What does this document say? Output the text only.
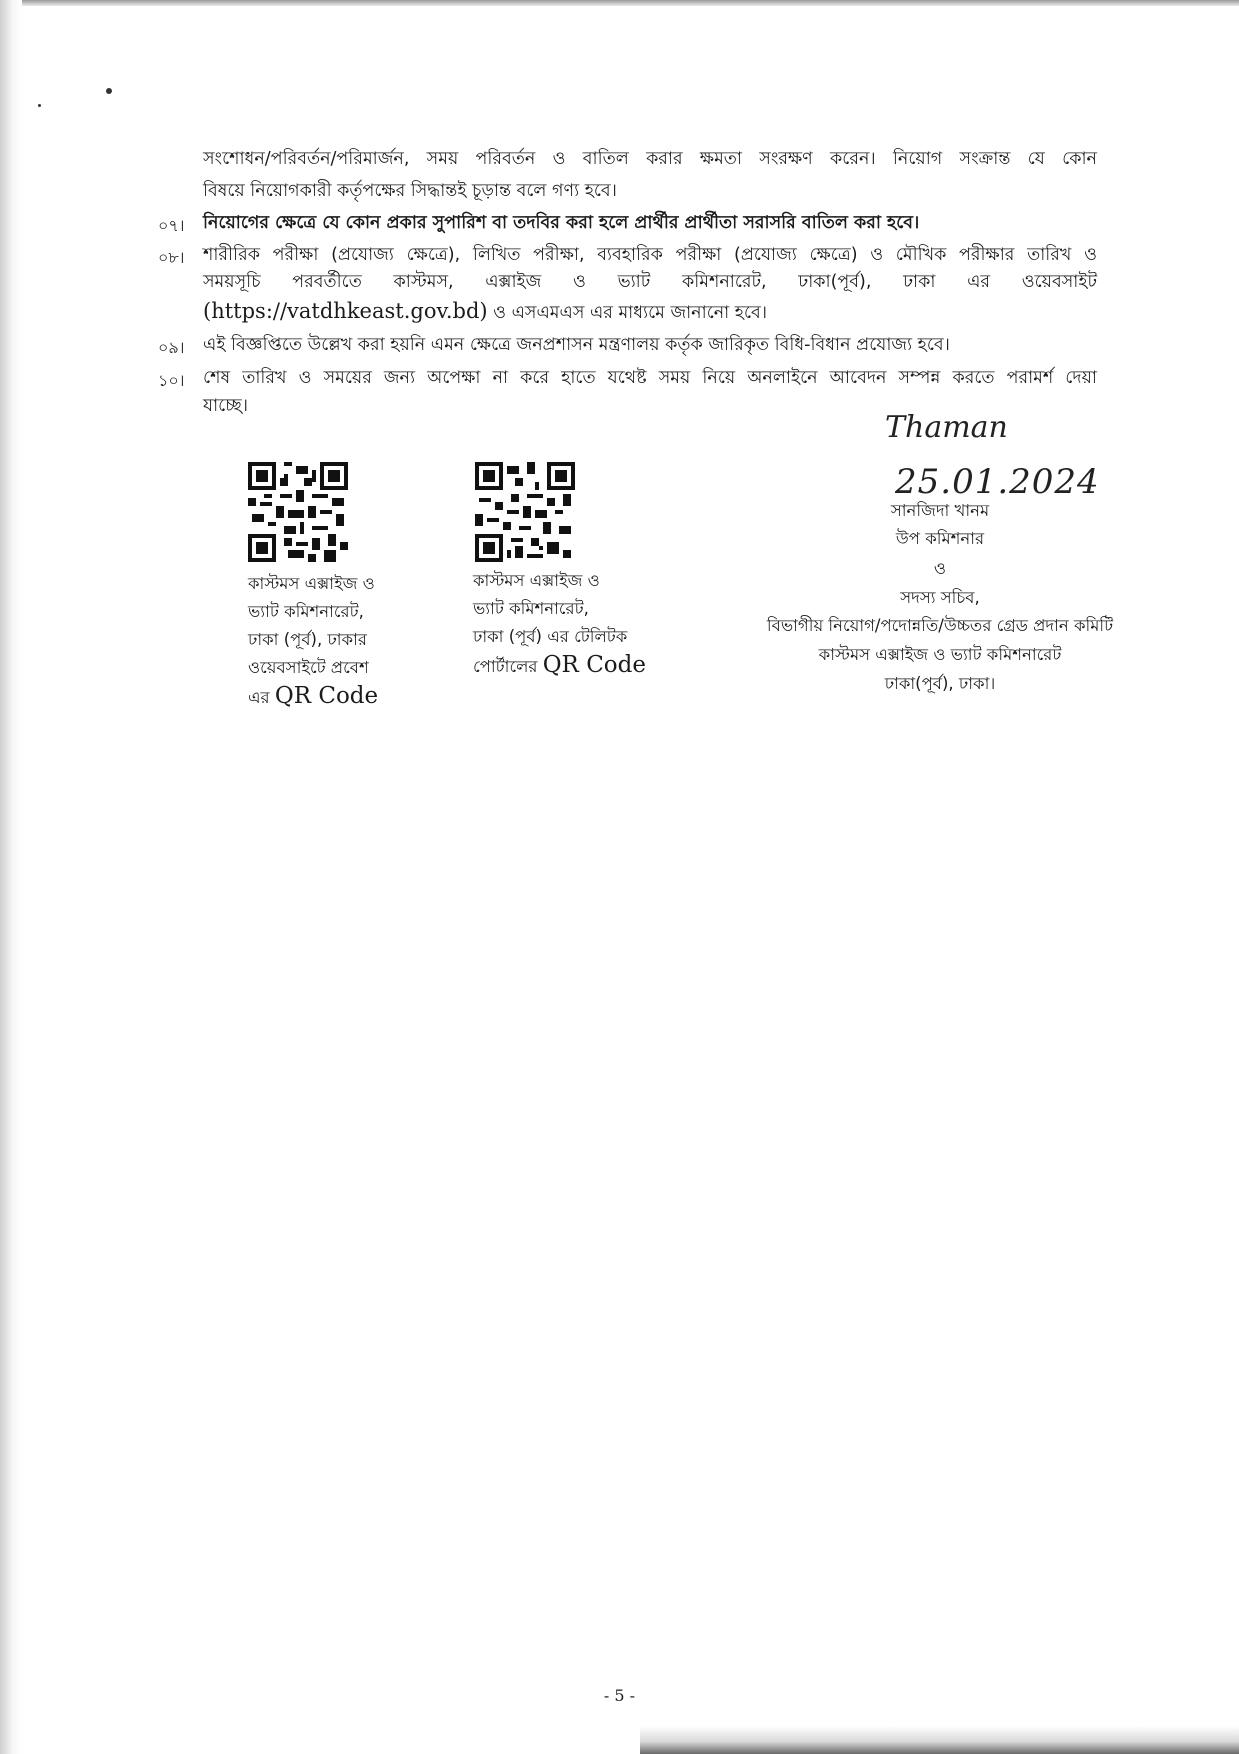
সংশোধন/পরিবর্তন/পরিমার্জন, সময় পরিবর্তন ও বাতিল করার ক্ষমতা সংরক্ষণ করেন। নিয়োগ সংক্রান্ত যে কোন
বিষয়ে নিয়োগকারী কর্তৃপক্ষের সিদ্ধান্তই চূড়ান্ত বলে গণ্য হবে।
০৭। নিয়োগের ক্ষেত্রে যে কোন প্রকার সুপারিশ বা তদবির করা হলে প্রার্থীর প্রার্থীতা সরাসরি বাতিল করা হবে।
০৮। শারীরিক পরীক্ষা (প্রযোজ্য ক্ষেত্রে), লিখিত পরীক্ষা, ব্যবহারিক পরীক্ষা (প্রযোজ্য ক্ষেত্রে) ও মৌখিক পরীক্ষার তারিখ ও
সময়সূচি পরবর্তীতে কাস্টমস, এক্সাইজ ও ভ্যাট কমিশনারেট, ঢাকা(পূর্ব), ঢাকা এর ওয়েবসাইট
(https://vatdhkeast.gov.bd) ও এসএমএস এর মাধ্যমে জানানো হবে।
০৯। এই বিজ্ঞপ্তিতে উল্লেখ করা হয়নি এমন ক্ষেত্রে জনপ্রশাসন মন্ত্রণালয় কর্তৃক জারিকৃত বিধি-বিধান প্রযোজ্য হবে।
১০। শেষ তারিখ ও সময়ের জন্য অপেক্ষা না করে হাতে যথেষ্ট সময় নিয়ে অনলাইনে আবেদন সম্পন্ন করতে পরামর্শ দেয়া
যাচ্ছে।
কাস্টমস এক্সাইজ ও
ভ্যাট কমিশনারেট,
ঢাকা (পূর্ব), ঢাকার
ওয়েবসাইটে প্রবেশ
এর QR Code
কাস্টমস এক্সাইজ ও
ভ্যাট কমিশনারেট,
ঢাকা (পূর্ব) এর টেলিটক
পোর্টালের QR Code
Thaman
25.01.2024
সানজিদা খানম
উপ কমিশনার
ও
সদস্য সচিব,
বিভাগীয় নিয়োগ/পদোন্নতি/উচ্চতর গ্রেড প্রদান কমিটি
কাস্টমস এক্সাইজ ও ভ্যাট কমিশনারেট
ঢাকা(পূর্ব), ঢাকা।
- 5 -
